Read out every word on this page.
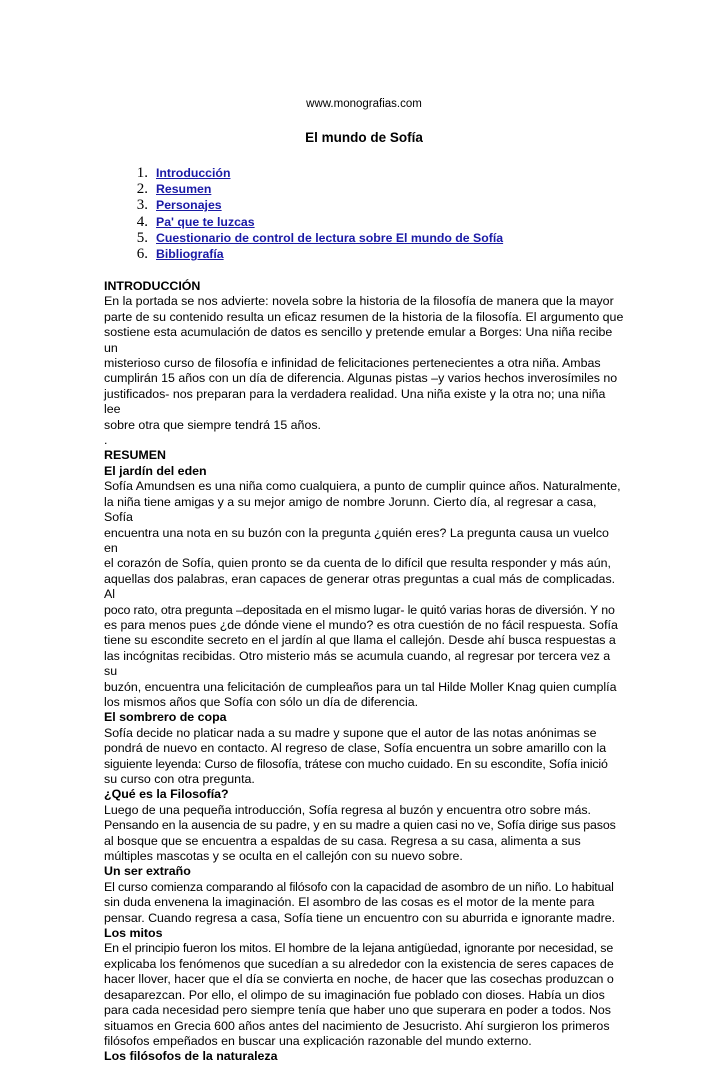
www.monografias.com
El mundo de Sofía
1. Introducción
2. Resumen
3. Personajes
4. Pa' que te luzcas
5. Cuestionario de control de lectura sobre El mundo de Sofía
6. Bibliografía

INTRODUCCIÓN

En la portada se nos advierte: novela sobre la historia de la filosofía de manera que la mayor

parte de su contenido resulta un eficaz resumen de la historia de la filosofía. El argumento que

sostiene esta acumulación de datos es sencillo y pretende emular a Borges: Una niña recibe un

misterioso curso de filosofía e infinidad de felicitaciones pertenecientes a otra niña. Ambas

cumplirán 15 años con un día de diferencia. Algunas pistas –y varios hechos inverosímiles no

justificados- nos preparan para la verdadera realidad. Una niña existe y la otra no; una niña lee

sobre otra que siempre tendrá 15 años.

.

RESUMEN

El jardín del eden

Sofía Amundsen es una niña como cualquiera, a punto de cumplir quince años. Naturalmente,

la niña tiene amigas y a su mejor amigo de nombre Jorunn. Cierto día, al regresar a casa, Sofía

encuentra una nota en su buzón con la pregunta ¿quién eres? La pregunta causa un vuelco en

el corazón de Sofía, quien pronto se da cuenta de lo difícil que resulta responder y más aún,

aquellas dos palabras, eran capaces de generar otras preguntas a cual más de complicadas. Al

poco rato, otra pregunta –depositada en el mismo lugar- le quitó varias horas de diversión. Y no

es para menos pues ¿de dónde viene el mundo? es otra cuestión de no fácil respuesta. Sofía

tiene su escondite secreto en el jardín al que llama el callejón. Desde ahí busca respuestas a

las incógnitas recibidas. Otro misterio más se acumula cuando, al regresar por tercera vez a su

buzón, encuentra una felicitación de cumpleaños para un tal Hilde Moller Knag quien cumplía

los mismos años que Sofía con sólo un día de diferencia.

El sombrero de copa

Sofía decide no platicar nada a su madre y supone que el autor de las notas anónimas se

pondrá de nuevo en contacto. Al regreso de clase, Sofía encuentra un sobre amarillo con la

siguiente leyenda: Curso de filosofía, trátese con mucho cuidado. En su escondite, Sofía inició

su curso con otra pregunta.

¿Qué es la Filosofía?

Luego de una pequeña introducción, Sofía regresa al buzón y encuentra otro sobre más.

Pensando en la ausencia de su padre, y en su madre a quien casi no ve, Sofía dirige sus pasos

al bosque que se encuentra a espaldas de su casa. Regresa a su casa, alimenta a sus

múltiples mascotas y se oculta en el callejón con su nuevo sobre.

Un ser extraño

El curso comienza comparando al filósofo con la capacidad de asombro de un niño. Lo habitual

sin duda envenena la imaginación. El asombro de las cosas es el motor de la mente para

pensar. Cuando regresa a casa, Sofía tiene un encuentro con su aburrida e ignorante madre.

Los mitos

En el principio fueron los mitos. El hombre de la lejana antigüedad, ignorante por necesidad, se

explicaba los fenómenos que sucedían a su alrededor con la existencia de seres capaces de

hacer llover, hacer que el día se convierta en noche, de hacer que las cosechas produzcan o

desaparezcan. Por ello, el olimpo de su imaginación fue poblado con dioses. Había un dios

para cada necesidad pero siempre tenía que haber uno que superara en poder a todos. Nos

situamos en Grecia 600 años antes del nacimiento de Jesucristo. Ahí surgieron los primeros

filósofos empeñados en buscar una explicación razonable del mundo externo.

Los filósofos de la naturaleza
